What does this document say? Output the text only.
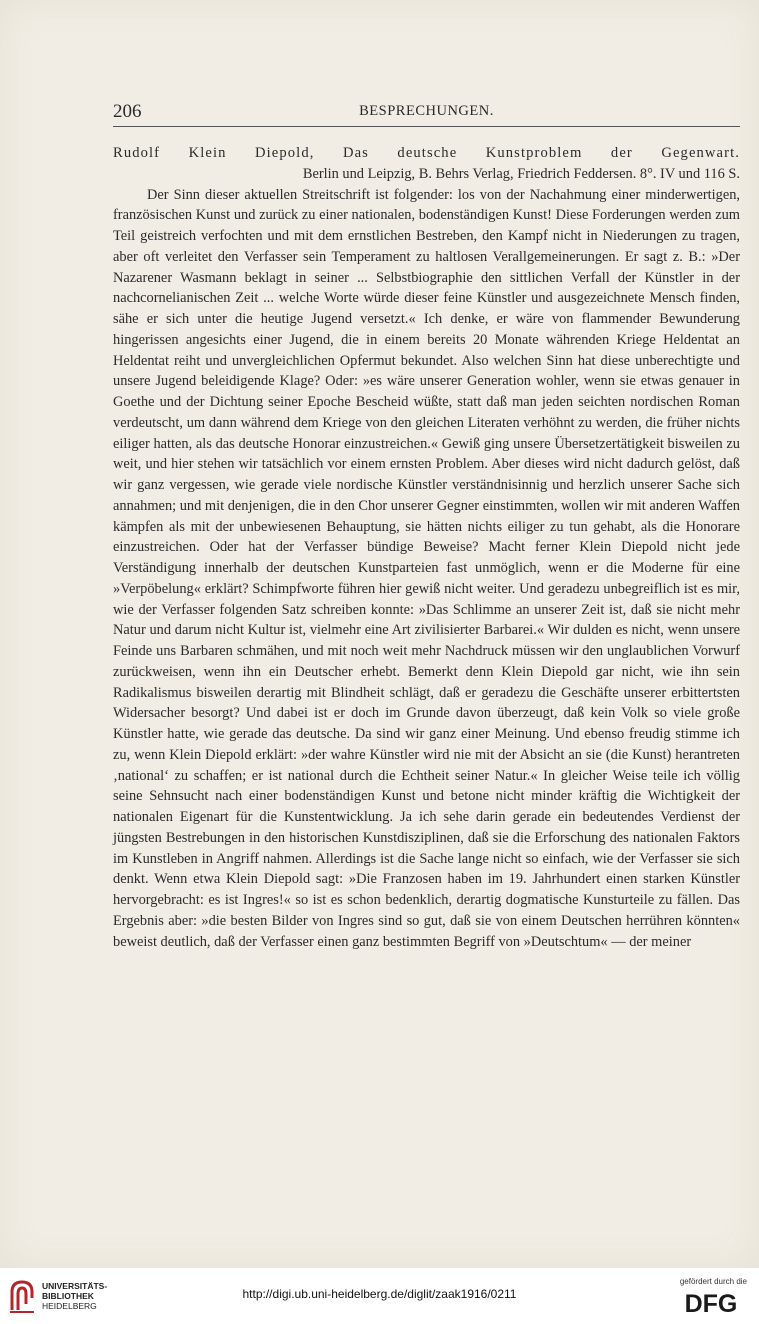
206	BESPRECHUNGEN.
Rudolf Klein Diepold, Das deutsche Kunstproblem der Gegenwart.
Berlin und Leipzig, B. Behrs Verlag, Friedrich Feddersen. 8°. IV und 116 S.

Der Sinn dieser aktuellen Streitschrift ist folgender: los von der Nachahmung einer minderwertigen, französischen Kunst und zurück zu einer nationalen, bodenständigen Kunst! Diese Forderungen werden zum Teil geistreich verfochten und mit dem ernstlichen Bestreben, den Kampf nicht in Niederungen zu tragen, aber oft verleitet den Verfasser sein Temperament zu haltlosen Verallgemeinerungen. Er sagt z. B.: »Der Nazarener Wasmann beklagt in seiner ... Selbstbiographie den sittlichen Verfall der Künstler in der nachcornelianischen Zeit ... welche Worte würde dieser feine Künstler und ausgezeichnete Mensch finden, sähe er sich unter die heutige Jugend versetzt.« Ich denke, er wäre von flammender Bewunderung hingerissen angesichts einer Jugend, die in einem bereits 20 Monate währenden Kriege Heldentat an Heldentat reiht und unvergleichlichen Opfermut bekundet. Also welchen Sinn hat diese unberechtigte und unsere Jugend beleidigende Klage? Oder: »es wäre unserer Generation wohler, wenn sie etwas genauer in Goethe und der Dichtung seiner Epoche Bescheid wüßte, statt daß man jeden seichten nordischen Roman verdeutscht, um dann während dem Kriege von den gleichen Literaten verhöhnt zu werden, die früher nichts eiliger hatten, als das deutsche Honorar einzustreichen.« Gewiß ging unsere Übersetzertätigkeit bisweilen zu weit, und hier stehen wir tatsächlich vor einem ernsten Problem. Aber dieses wird nicht dadurch gelöst, daß wir ganz vergessen, wie gerade viele nordische Künstler verständnisinnig und herzlich unserer Sache sich annahmen; und mit denjenigen, die in den Chor unserer Gegner einstimmten, wollen wir mit anderen Waffen kämpfen als mit der unbewiesenen Behauptung, sie hätten nichts eiliger zu tun gehabt, als die Honorare einzustreichen. Oder hat der Verfasser bündige Beweise? Macht ferner Klein Diepold nicht jede Verständigung innerhalb der deutschen Kunstparteien fast unmöglich, wenn er die Moderne für eine »Verpöbelung« erklärt? Schimpfworte führen hier gewiß nicht weiter. Und geradezu unbegreiflich ist es mir, wie der Verfasser folgenden Satz schreiben konnte: »Das Schlimme an unserer Zeit ist, daß sie nicht mehr Natur und darum nicht Kultur ist, vielmehr eine Art zivilisierter Barbarei.« Wir dulden es nicht, wenn unsere Feinde uns Barbaren schmähen, und mit noch weit mehr Nachdruck müssen wir den unglaublichen Vorwurf zurückweisen, wenn ihn ein Deutscher erhebt. Bemerkt denn Klein Diepold gar nicht, wie ihn sein Radikalismus bisweilen derartig mit Blindheit schlägt, daß er geradezu die Geschäfte unserer erbittertsten Widersacher besorgt? Und dabei ist er doch im Grunde davon überzeugt, daß kein Volk so viele große Künstler hatte, wie gerade das deutsche. Da sind wir ganz einer Meinung. Und ebenso freudig stimme ich zu, wenn Klein Diepold erklärt: »der wahre Künstler wird nie mit der Absicht an sie (die Kunst) herantreten ‚national‘ zu schaffen; er ist national durch die Echtheit seiner Natur.« In gleicher Weise teile ich völlig seine Sehnsucht nach einer bodenständigen Kunst und betone nicht minder kräftig die Wichtigkeit der nationalen Eigenart für die Kunstentwicklung. Ja ich sehe darin gerade ein bedeutendes Verdienst der jüngsten Bestrebungen in den historischen Kunstdisziplinen, daß sie die Erforschung des nationalen Faktors im Kunstleben in Angriff nahmen. Allerdings ist die Sache lange nicht so einfach, wie der Verfasser sie sich denkt. Wenn etwa Klein Diepold sagt: »Die Franzosen haben im 19. Jahrhundert einen starken Künstler hervorgebracht: es ist Ingres!« so ist es schon bedenklich, derartig dogmatische Kunsturteile zu fällen. Das Ergebnis aber: »die besten Bilder von Ingres sind so gut, daß sie von einem Deutschen herrühren könnten« beweist deutlich, daß der Verfasser einen ganz bestimmten Begriff von »Deutschtum« — der meiner

UNIVERSITÄTS-
BIBLIOTHEK
HEIDELBERG
http://digi.ub.uni-heidelberg.de/diglit/zaak1916/0211
gefördert durch die
DFG
